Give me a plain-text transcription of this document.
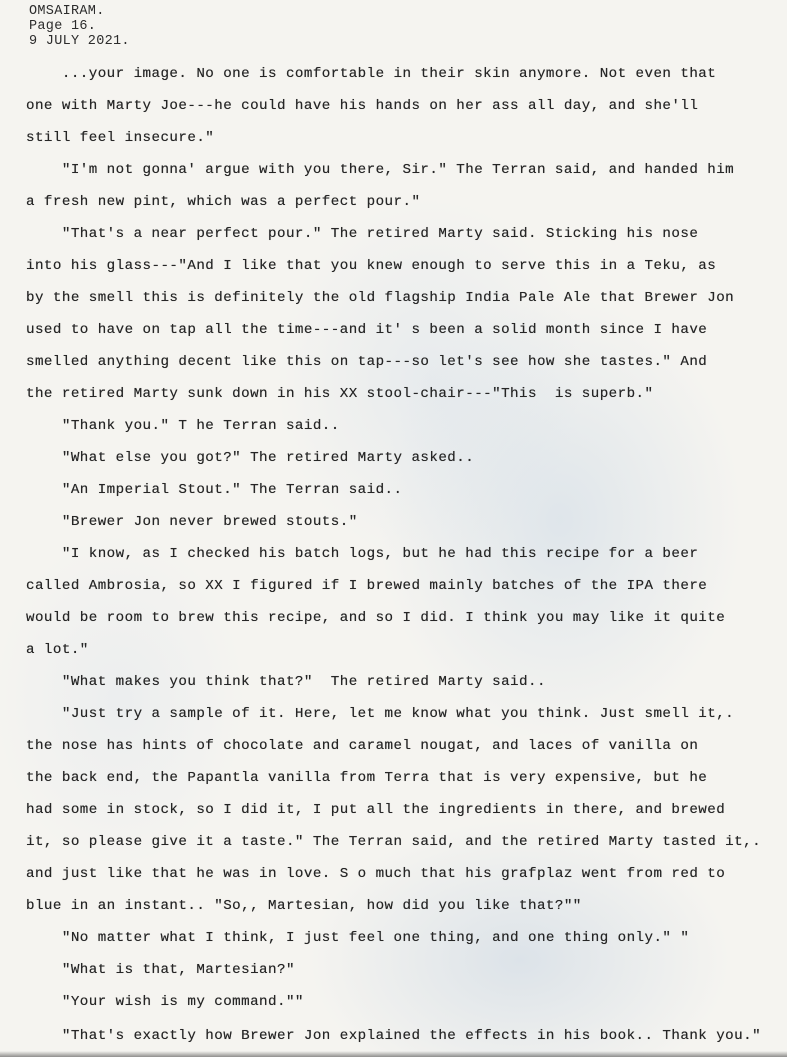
OMSAIRAM.
Page 16.
9 JULY 2021.
...your image. No one is comfortable in their skin anymore. Not even that
one with Marty Joe---he could have his hands on her ass all day, and she'll
still feel insecure."
"I'm not gonna' argue with you there, Sir." The Terran said, and handed him
a fresh new pint, which was a perfect pour."
"That's a near perfect pour." The retired Marty said. Sticking his nose
into his glass---"And I like that you knew enough to serve this in a Teku, as
by the smell this is definitely the old flagship India Pale Ale that Brewer Jon
used to have on tap all the time---and it' s been a solid month since I have
smelled anything decent like this on tap---so let's see how she tastes." And
the retired Marty sunk down in his XX stool-chair---"This  is superb."
"Thank you." T he Terran said..
"What else you got?" The retired Marty asked..
"An Imperial Stout." The Terran said..
"Brewer Jon never brewed stouts."
"I know, as I checked his batch logs, but he had this recipe for a beer
called Ambrosia, so XX I figured if I brewed mainly batches of the IPA there
would be room to brew this recipe, and so I did. I think you may like it quite
a lot."
"What makes you think that?"  The retired Marty said..
"Just try a sample of it. Here, let me know what you think. Just smell it,.
the nose has hints of chocolate and caramel nougat, and laces of vanilla on
the back end, the Papantla vanilla from Terra that is very expensive, but he
had some in stock, so I did it, I put all the ingredients in there, and brewed
it, so please give it a taste." The Terran said, and the retired Marty tasted it,.
and just like that he was in love. S o much that his grafplaz went from red to
blue in an instant.. "So,, Martesian, how did you like that?""
"No matter what I think, I just feel one thing, and one thing only." "
"What is that, Martesian?"
"Your wish is my command.""
"That's exactly how Brewer Jon explained the effects in his book.. Thank you."
